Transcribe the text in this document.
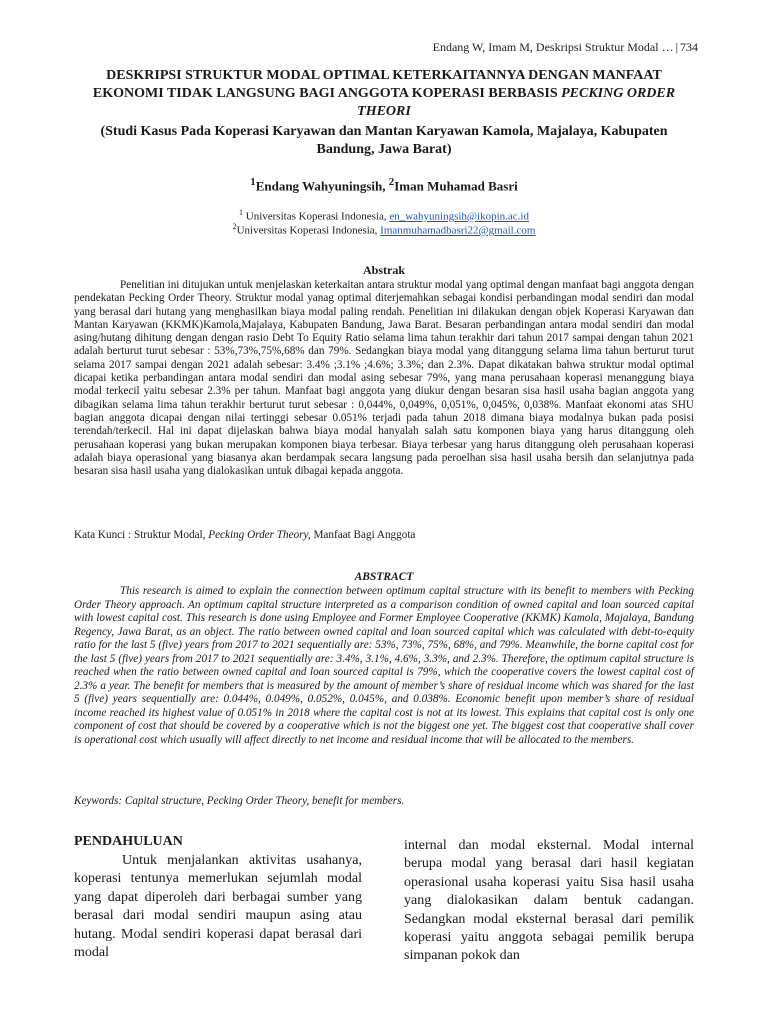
Endang W, Imam M, Deskripsi Struktur Modal … | 734
DESKRIPSI STRUKTUR MODAL OPTIMAL KETERKAITANNYA DENGAN MANFAAT EKONOMI TIDAK LANGSUNG BAGI ANGGOTA KOPERASI BERBASIS PECKING ORDER THEORI
(Studi Kasus Pada Koperasi Karyawan dan Mantan Karyawan Kamola, Majalaya, Kabupaten Bandung, Jawa Barat)
$^1$Endang Wahyuningsih, $^2$Iman Muhamad Basri
$^1$ Universitas Koperasi Indonesia, en_wahyuningsih@ikopin.ac.id
$^2$Universitas Koperasi Indonesia, Imanmuhamadbasri22@gmail.com
Abstrak

Penelitian ini ditujukan untuk menjelaskan keterkaitan antara struktur modal yang optimal dengan manfaat bagi anggota dengan pendekatan Pecking Order Theory. Struktur modal yanag optimal diterjemahkan sebagai kondisi perbandingan modal sendiri dan modal yang berasal dari hutang yang menghasilkan biaya modal paling rendah. Penelitian ini dilakukan dengan objek Koperasi Karyawan dan Mantan Karyawan (KKMK)Kamola,Majalaya, Kabupaten Bandung, Jawa Barat. Besaran perbandingan antara modal sendiri dan modal asing/hutang dihitung dengan dengan rasio Debt To Equity Ratio selama lima tahun terakhir dari tahun 2017 sampai dengan tahun 2021 adalah berturut turut sebesar : 53%,73%,75%,68% dan 79%. Sedangkan biaya modal yang ditanggung selama lima tahun berturut turut selama 2017 sampai dengan 2021 adalah sebesar: 3.4% ;3.1% ;4.6%; 3.3%; dan 2.3%. Dapat dikatakan bahwa struktur modal optimal dicapai ketika perbandingan antara modal sendiri dan modal asing sebesar 79%, yang mana perusahaan koperasi menanggung biaya modal terkecil yaitu sebesar 2.3% per tahun. Manfaat bagi anggota yang diukur dengan besaran sisa hasil usaha bagian anggota yang dibagikan selama lima tahun terakhir berturut turut sebesar : 0,044%, 0,049%, 0,051%, 0,045%, 0,038%. Manfaat ekonomi atas SHU bagian anggota dicapai dengan nilai tertinggi sebesar 0.051% terjadi pada tahun 2018 dimana biaya modalnya bukan pada posisi terendah/terkecil. Hal ini dapat dijelaskan bahwa biaya modal hanyalah salah satu komponen biaya yang harus ditanggung oleh perusahaan koperasi yang bukan merupakan komponen biaya terbesar. Biaya terbesar yang harus ditanggung oleh perusahaan koperasi adalah biaya operasional yang biasanya akan berdampak secara langsung pada peroelhan sisa hasil usaha bersih dan selanjutnya pada besaran sisa hasil usaha yang dialokasikan untuk dibagai kepada anggota.

Kata Kunci : Struktur Modal, Pecking Order Theory, Manfaat Bagi Anggota
ABSTRACT

This research is aimed to explain the connection between optimum capital structure with its benefit to members with Pecking Order Theory approach. An optimum capital structure interpreted as a comparison condition of owned capital and loan sourced capital with lowest capital cost. This research is done using Employee and Former Employee Cooperative (KKMK) Kamola, Majalaya, Bandung Regency, Jawa Barat, as an object. The ratio between owned capital and loan sourced capital which was calculated with debt-to-equity ratio for the last 5 (five) years from 2017 to 2021 sequentially are: 53%, 73%, 75%, 68%, and 79%. Meanwhile, the borne capital cost for the last 5 (five) years from 2017 to 2021 sequentially are: 3.4%, 3.1%, 4.6%, 3.3%, and 2.3%. Therefore, the optimum capital structure is reached when the ratio between owned capital and loan sourced capital is 79%, which the cooperative covers the lowest capital cost of 2.3% a year. The benefit for members that is measured by the amount of member’s share of residual income which was shared for the last 5 (five) years sequentially are: 0.044%, 0.049%, 0.052%, 0.045%, and 0.038%. Economic benefit upon member’s share of residual income reached its highest value of 0.051% in 2018 where the capital cost is not at its lowest. This explains that capital cost is only one component of cost that should be covered by a cooperative which is not the biggest one yet. The biggest cost that cooperative shall cover is operational cost which usually will affect directly to net income and residual income that will be allocated to the members.

Keywords: Capital structure, Pecking Order Theory, benefit for members.
PENDAHULUAN

Untuk menjalankan aktivitas usahanya, koperasi tentunya memerlukan sejumlah modal yang dapat diperoleh dari berbagai sumber yang berasal dari modal sendiri maupun asing atau hutang. Modal sendiri koperasi dapat berasal dari modal

internal dan modal eksternal. Modal internal berupa modal yang berasal dari hasil kegiatan operasional usaha koperasi yaitu Sisa hasil usaha yang dialokasikan dalam bentuk cadangan. Sedangkan modal eksternal berasal dari pemilik koperasi yaitu anggota sebagai pemilik berupa simpanan pokok dan
